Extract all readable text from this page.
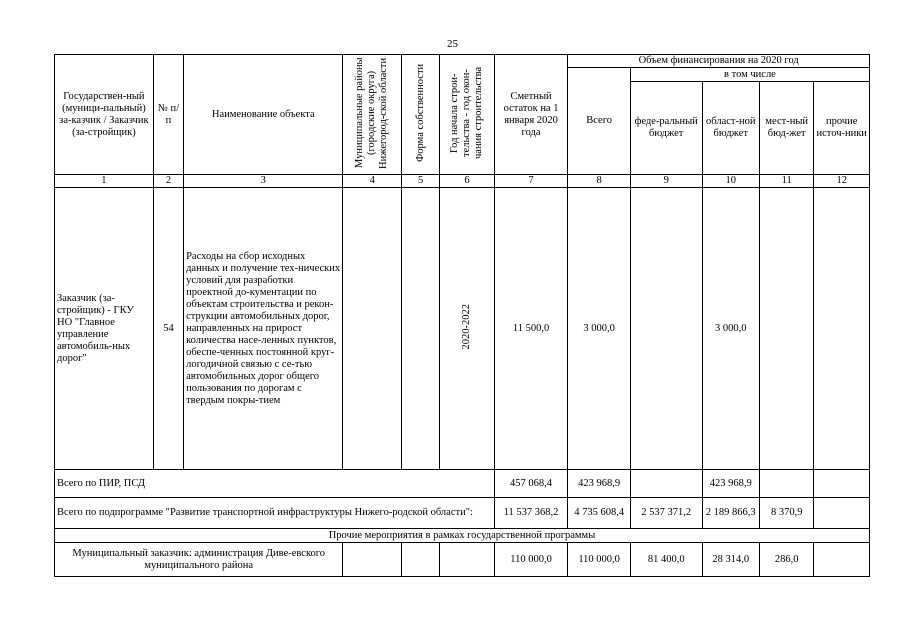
25
Государствен-ный (муници-пальный) за-казчик / Заказчик (за-стройщик)	№ п/п	Наименование объекта	Муниципальные районы (городские округа) Нижегород-ской области	Форма собственности	Год начала строи-тельства - год окон-чания строительства	Сметный остаток на 1 января 2020 года	Объем финансирования на 2020 год				
							Всего	в том числе			
								феде-ральный бюджет	област-ной бюджет	мест-ный бюд-жет	прочие источ-ники
1	2	3	4	5	6	7	8	9	10	11	12
Заказчик (за-стройщик) - ГКУ НО "Главное управление автомобиль-ных дорог"	54	Расходы на сбор исходных данных и получение тех-нических условий для разработки проектной до-кументации по объектам строительства и рекон-струкции автомобильных дорог, направленных на прирост количества насе-ленных пунктов, обеспе-ченных постоянной круг-логодичной связью с се-тью автомобильных дорог общего пользования по дорогам с твердым покры-тием			2020-2022	11 500,0	3 000,0		3 000,0		
Всего по ПИР, ПСД						457 068,4	423 968,9		423 968,9		
Всего по подпрограмме "Развитие транспортной инфраструктуры Нижего-родской области":						11 537 368,2	4 735 608,4	2 537 371,2	2 189 866,3	8 370,9	
Прочие мероприятия в рамках государственной программы											
Муниципальный заказчик: администрация Диве-евского муниципального района						110 000,0	110 000,0	81 400,0	28 314,0	286,0	
